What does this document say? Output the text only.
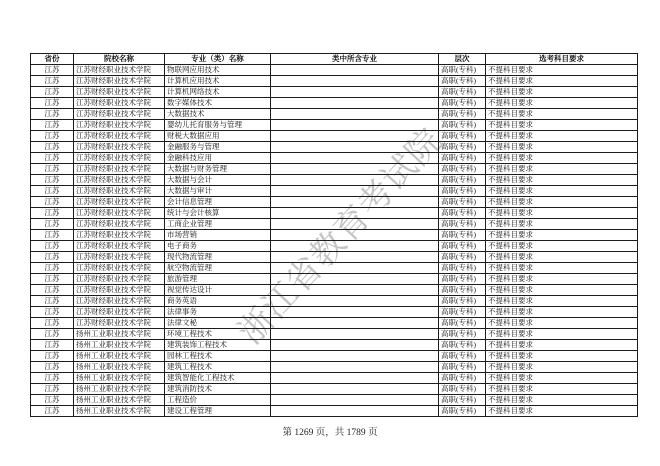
浙江省教育考试院
省份	院校名称	专业（类）名称	类中所含专业	层次	选考科目要求
江苏	江苏财经职业技术学院	物联网应用技术		高职(专科)	不提科目要求
江苏	江苏财经职业技术学院	计算机应用技术		高职(专科)	不提科目要求
江苏	江苏财经职业技术学院	计算机网络技术		高职(专科)	不提科目要求
江苏	江苏财经职业技术学院	数字媒体技术		高职(专科)	不提科目要求
江苏	江苏财经职业技术学院	大数据技术		高职(专科)	不提科目要求
江苏	江苏财经职业技术学院	婴幼儿托育服务与管理		高职(专科)	不提科目要求
江苏	江苏财经职业技术学院	财税大数据应用		高职(专科)	不提科目要求
江苏	江苏财经职业技术学院	金融服务与管理		高职(专科)	不提科目要求
江苏	江苏财经职业技术学院	金融科技应用		高职(专科)	不提科目要求
江苏	江苏财经职业技术学院	大数据与财务管理		高职(专科)	不提科目要求
江苏	江苏财经职业技术学院	大数据与会计		高职(专科)	不提科目要求
江苏	江苏财经职业技术学院	大数据与审计		高职(专科)	不提科目要求
江苏	江苏财经职业技术学院	会计信息管理		高职(专科)	不提科目要求
江苏	江苏财经职业技术学院	统计与会计核算		高职(专科)	不提科目要求
江苏	江苏财经职业技术学院	工商企业管理		高职(专科)	不提科目要求
江苏	江苏财经职业技术学院	市场营销		高职(专科)	不提科目要求
江苏	江苏财经职业技术学院	电子商务		高职(专科)	不提科目要求
江苏	江苏财经职业技术学院	现代物流管理		高职(专科)	不提科目要求
江苏	江苏财经职业技术学院	航空物流管理		高职(专科)	不提科目要求
江苏	江苏财经职业技术学院	旅游管理		高职(专科)	不提科目要求
江苏	江苏财经职业技术学院	视觉传达设计		高职(专科)	不提科目要求
江苏	江苏财经职业技术学院	商务英语		高职(专科)	不提科目要求
江苏	江苏财经职业技术学院	法律事务		高职(专科)	不提科目要求
江苏	江苏财经职业技术学院	法律文秘		高职(专科)	不提科目要求
江苏	扬州工业职业技术学院	环境工程技术		高职(专科)	不提科目要求
江苏	扬州工业职业技术学院	建筑装饰工程技术		高职(专科)	不提科目要求
江苏	扬州工业职业技术学院	园林工程技术		高职(专科)	不提科目要求
江苏	扬州工业职业技术学院	建筑工程技术		高职(专科)	不提科目要求
江苏	扬州工业职业技术学院	建筑智能化工程技术		高职(专科)	不提科目要求
江苏	扬州工业职业技术学院	建筑消防技术		高职(专科)	不提科目要求
江苏	扬州工业职业技术学院	工程造价		高职(专科)	不提科目要求
江苏	扬州工业职业技术学院	建设工程管理		高职(专科)	不提科目要求
第 1269 页，共 1789 页
